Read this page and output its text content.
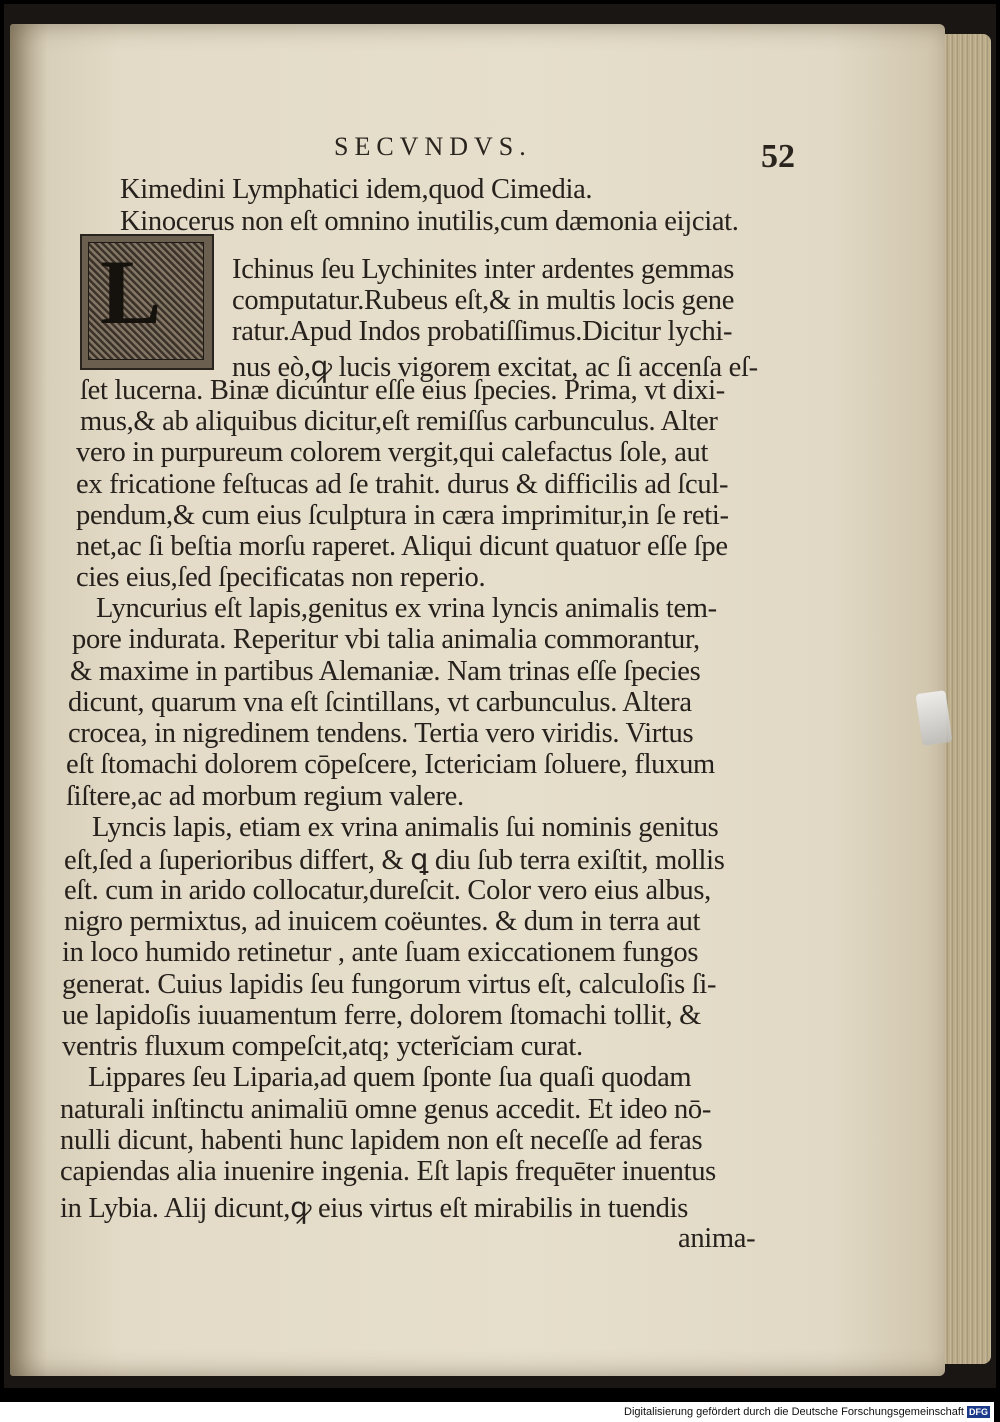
SECVNDVS.	52
L
Kimedini Lymphatici idem,quod Cimedia.
Kinocerus non eſt omnino inutilis,cum dæmonia eijciat.
Ichinus ſeu Lychinites inter ardentes gemmas
computatur.Rubeus eſt,& in multis locis gene
ratur.Apud Indos probatiſſimus.Dicitur lychi-
nus eò,ꝙ lucis vigorem excitat, ac ſi accenſa eſ-
ſet lucerna. Binæ dicuntur eſſe eius ſpecies. Prima, vt dixi-
mus,& ab aliquibus dicitur,eſt remiſſus carbunculus. Alter
vero in purpureum colorem vergit,qui calefactus ſole, aut
ex fricatione feſtucas ad ſe trahit. durus & difficilis ad ſcul-
pendum,& cum eius ſculptura in cæra imprimitur,in ſe reti-
net,ac ſi beſtia morſu raperet. Aliqui dicunt quatuor eſſe ſpe
cies eius,ſed ſpecificatas non reperio.
Lyncurius eſt lapis,genitus ex vrina lyncis animalis tem-
pore indurata. Reperitur vbi talia animalia commorantur,
& maxime in partibus Alemaniæ. Nam trinas eſſe ſpecies
dicunt, quarum vna eſt ſcintillans, vt carbunculus. Altera
crocea, in nigredinem tendens. Tertia vero viridis. Virtus
eſt ſtomachi dolorem cōpeſcere, Ictericiam ſoluere, fluxum
ſiſtere,ac ad morbum regium valere.
Lyncis lapis, etiam ex vrina animalis ſui nominis genitus
eſt,ſed a ſuperioribus differt, & ꝗ diu ſub terra exiſtit, mollis
eſt. cum in arido collocatur,dureſcit. Color vero eius albus,
nigro permixtus, ad inuicem coëuntes. & dum in terra aut
in loco humido retinetur , ante ſuam exiccationem fungos
generat. Cuius lapidis ſeu fungorum virtus eſt, calculoſis ſi-
ue lapidoſis iuuamentum ferre, dolorem ſtomachi tollit, &
ventris fluxum compeſcit,atq; ycterĭciam curat.
Lippares ſeu Liparia,ad quem ſponte ſua quaſi quodam
naturali inſtinctu animaliū omne genus accedit. Et ideo nō-
nulli dicunt, habenti hunc lapidem non eſt neceſſe ad feras
capiendas alia inuenire ingenia. Eſt lapis frequēter inuentus
in Lybia. Alij dicunt,ꝙ eius virtus eſt mirabilis in tuendis
anima-
Digitalisierung gefördert durch die Deutsche Forschungsgemeinschaft DFG
